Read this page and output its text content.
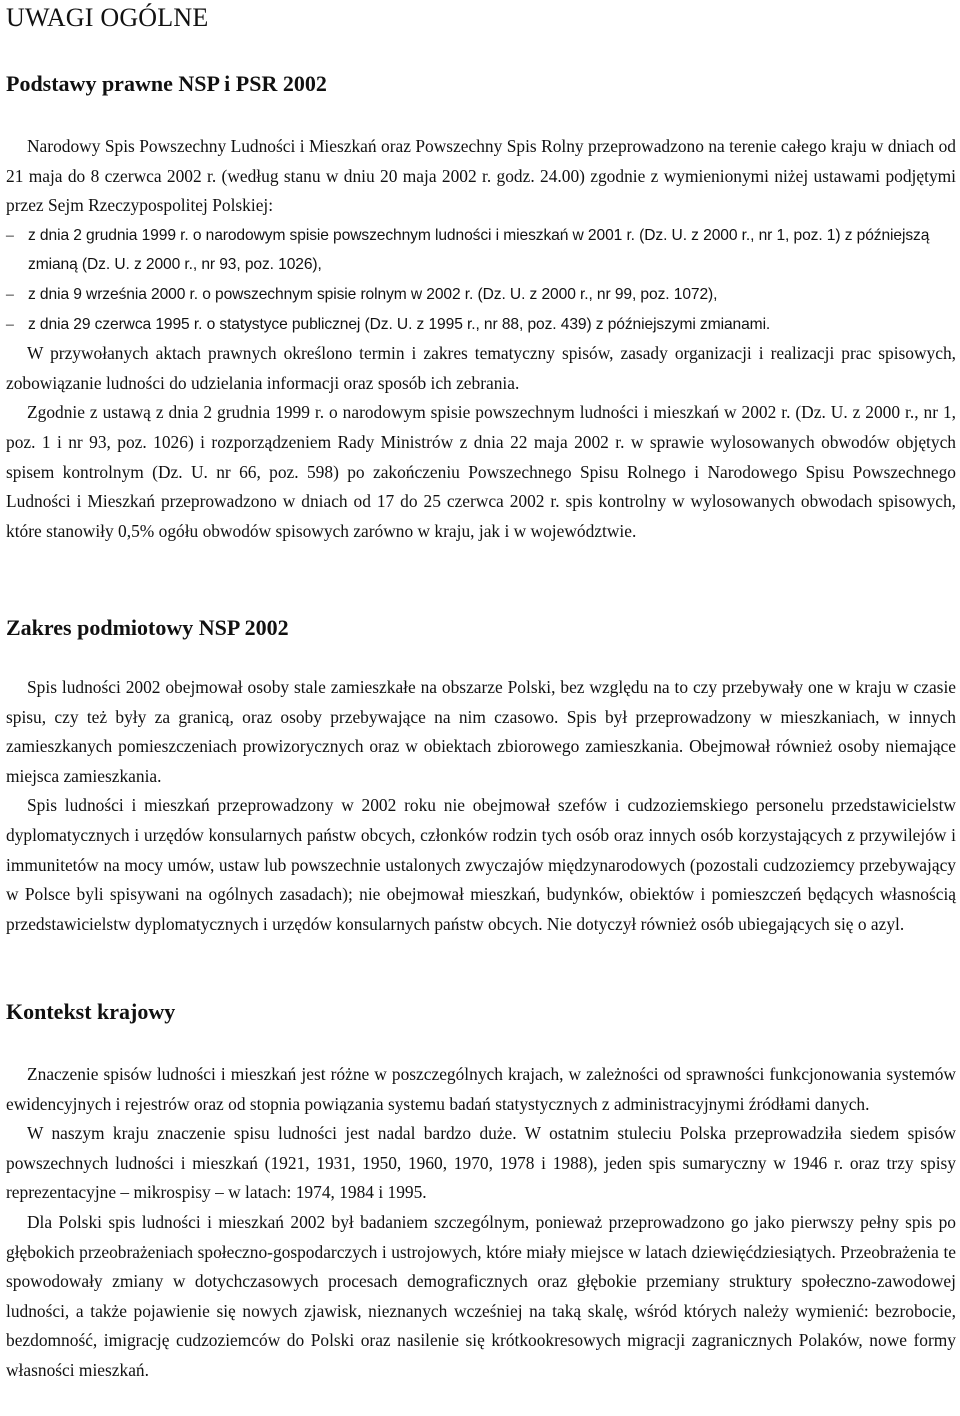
UWAGI OGÓLNE
Podstawy prawne NSP i PSR 2002

Narodowy Spis Powszechny Ludności i Mieszkań oraz Powszechny Spis Rolny przeprowadzono na terenie całego kraju w dniach od 21 maja do 8 czerwca 2002 r. (według stanu w dniu 20 maja 2002 r. godz. 24.00) zgodnie z wymienionymi niżej ustawami podjętymi przez Sejm Rzeczypospolitej Polskiej:

– z dnia 2 grudnia 1999 r. o narodowym spisie powszechnym ludności i mieszkań w 2001 r. (Dz. U. z 2000 r., nr 1, poz. 1) z późniejszą zmianą (Dz. U. z 2000 r., nr 93, poz. 1026),
– z dnia 9 września 2000 r. o powszechnym spisie rolnym w 2002 r. (Dz. U. z 2000 r., nr 99, poz. 1072),
– z dnia 29 czerwca 1995 r. o statystyce publicznej (Dz. U. z 1995 r., nr 88, poz. 439) z późniejszymi zmianami.

W przywołanych aktach prawnych określono termin i zakres tematyczny spisów, zasady organizacji i realizacji prac spisowych, zobowiązanie ludności do udzielania informacji oraz sposób ich zebrania.

Zgodnie z ustawą z dnia 2 grudnia 1999 r. o narodowym spisie powszechnym ludności i mieszkań w 2002 r. (Dz. U. z 2000 r., nr 1, poz. 1 i nr 93, poz. 1026) i rozporządzeniem Rady Ministrów z dnia 22 maja 2002 r. w sprawie wylosowanych obwodów objętych spisem kontrolnym (Dz. U. nr 66, poz. 598) po zakończeniu Powszechnego Spisu Rolnego i Narodowego Spisu Powszechnego Ludności i Mieszkań przeprowadzono w dniach od 17 do 25 czerwca 2002 r. spis kontrolny w wylosowanych obwodach spisowych, które stanowiły 0,5% ogółu obwodów spisowych zarówno w kraju, jak i w województwie.

Zakres podmiotowy NSP 2002

Spis ludności 2002 obejmował osoby stale zamieszkałe na obszarze Polski, bez względu na to czy przebywały one w kraju w czasie spisu, czy też były za granicą, oraz osoby przebywające na nim czasowo. Spis był przeprowadzony w mieszkaniach, w innych zamieszkanych pomieszczeniach prowizorycznych oraz w obiektach zbiorowego zamieszkania. Obejmował również osoby niemające miejsca zamieszkania.

Spis ludności i mieszkań przeprowadzony w 2002 roku nie obejmował szefów i cudzoziemskiego personelu przedstawicielstw dyplomatycznych i urzędów konsularnych państw obcych, członków rodzin tych osób oraz innych osób korzystających z przywilejów i immunitetów na mocy umów, ustaw lub powszechnie ustalonych zwyczajów międzynarodowych (pozostali cudzoziemcy przebywający w Polsce byli spisywani na ogólnych zasadach); nie obejmował mieszkań, budynków, obiektów i pomieszczeń będących własnością przedstawicielstw dyplomatycznych i urzędów konsularnych państw obcych. Nie dotyczył również osób ubiegających się o azyl.

Kontekst krajowy

Znaczenie spisów ludności i mieszkań jest różne w poszczególnych krajach, w zależności od sprawności funkcjonowania systemów ewidencyjnych i rejestrów oraz od stopnia powiązania systemu badań statystycznych z administracyjnymi źródłami danych.

W naszym kraju znaczenie spisu ludności jest nadal bardzo duże. W ostatnim stuleciu Polska przeprowadziła siedem spisów powszechnych ludności i mieszkań (1921, 1931, 1950, 1960, 1970, 1978 i 1988), jeden spis sumaryczny w 1946 r. oraz trzy spisy reprezentacyjne – mikrospisy – w latach: 1974, 1984 i 1995.

Dla Polski spis ludności i mieszkań 2002 był badaniem szczególnym, ponieważ przeprowadzono go jako pierwszy pełny spis po głębokich przeobrażeniach społeczno-gospodarczych i ustrojowych, które miały miejsce w latach dziewięćdziesiątych. Przeobrażenia te spowodowały zmiany w dotychczasowych procesach demograficznych oraz głębokie przemiany struktury społeczno-zawodowej ludności, a także pojawienie się nowych zjawisk, nieznanych wcześniej na taką skalę, wśród których należy wymienić: bezrobocie, bezdomność, imigrację cudzoziemców do Polski oraz nasilenie się krótkookresowych migracji zagranicznych Polaków, nowe formy własności mieszkań.
